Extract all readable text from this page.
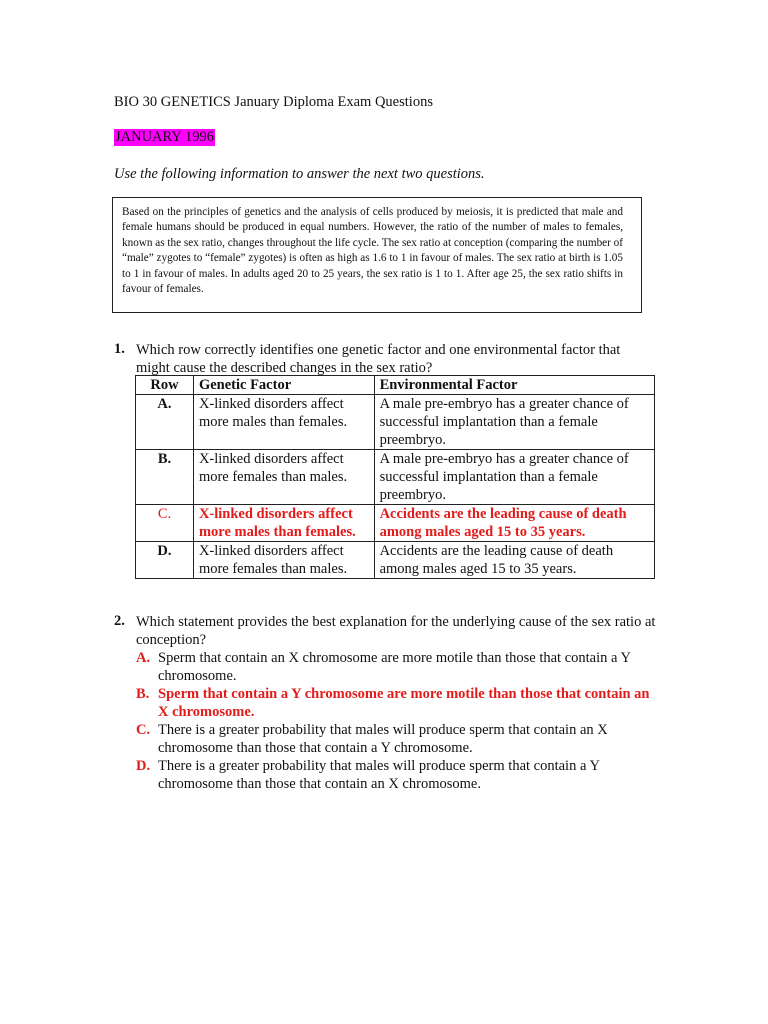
BIO 30 GENETICS January Diploma Exam Questions
JANUARY 1996
Use the following information to answer the next two questions.
Based on the principles of genetics and the analysis of cells produced by meiosis, it is predicted that male and female humans should be produced in equal numbers. However, the ratio of the number of males to females, known as the sex ratio, changes throughout the life cycle. The sex ratio at conception (comparing the number of “male” zygotes to “female” zygotes) is often as high as 1.6 to 1 in favour of males. The sex ratio at birth is 1.05 to 1 in favour of males. In adults aged 20 to 25 years, the sex ratio is 1 to 1. After age 25, the sex ratio shifts in favour of females.
1. Which row correctly identifies one genetic factor and one environmental factor that might cause the described changes in the sex ratio?
Row	Genetic Factor	Environmental Factor
A.	X-linked disorders affect more males than females.	A male pre-embryo has a greater chance of successful implantation than a female preembryo.
B.	X-linked disorders affect more females than males.	A male pre-embryo has a greater chance of successful implantation than a female preembryo.
C.	X-linked disorders affect more males than females.	Accidents are the leading cause of death among males aged 15 to 35 years.
D.	X-linked disorders affect more females than males.	Accidents are the leading cause of death among males aged 15 to 35 years.
2. Which statement provides the best explanation for the underlying cause of the sex ratio at conception?
A. Sperm that contain an X chromosome are more motile than those that contain a Y chromosome.
B. Sperm that contain a Y chromosome are more motile than those that contain an X chromosome.
C. There is a greater probability that males will produce sperm that contain an X chromosome than those that contain a Y chromosome.
D. There is a greater probability that males will produce sperm that contain a Y chromosome than those that contain an X chromosome.
